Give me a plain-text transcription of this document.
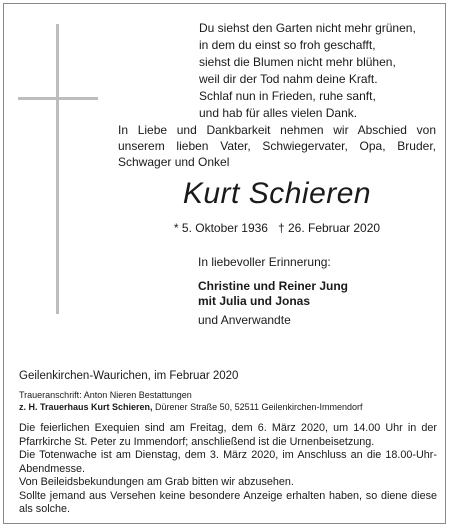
Du siehst den Garten nicht mehr grünen,
in dem du einst so froh geschafft,
siehst die Blumen nicht mehr blühen,
weil dir der Tod nahm deine Kraft.
Schlaf nun in Frieden, ruhe sanft,
und hab für alles vielen Dank.
In Liebe und Dankbarkeit nehmen wir Abschied von unserem lieben Vater, Schwiegervater, Opa, Bruder, Schwager und Onkel
Kurt Schieren
* 5. Oktober 1936 † 26. Februar 2020
In liebevoller Erinnerung:
Christine und Reiner Jung
mit Julia und Jonas
und Anverwandte
Geilenkirchen-Waurichen, im Februar 2020
Traueranschrift: Anton Nieren Bestattungen
z. H. Trauerhaus Kurt Schieren, Dürener Straße 50, 52511 Geilenkirchen-Immendorf

Die feierlichen Exequien sind am Freitag, dem 6. März 2020, um 14.00 Uhr in der Pfarrkirche St. Peter zu Immendorf; anschließend ist die Urnenbeisetzung.

Die Totenwache ist am Dienstag, dem 3. März 2020, im Anschluss an die 18.00-Uhr-Abendmesse.

Von Beileidsbekundungen am Grab bitten wir abzusehen.

Sollte jemand aus Versehen keine besondere Anzeige erhalten haben, so diene diese als solche.
